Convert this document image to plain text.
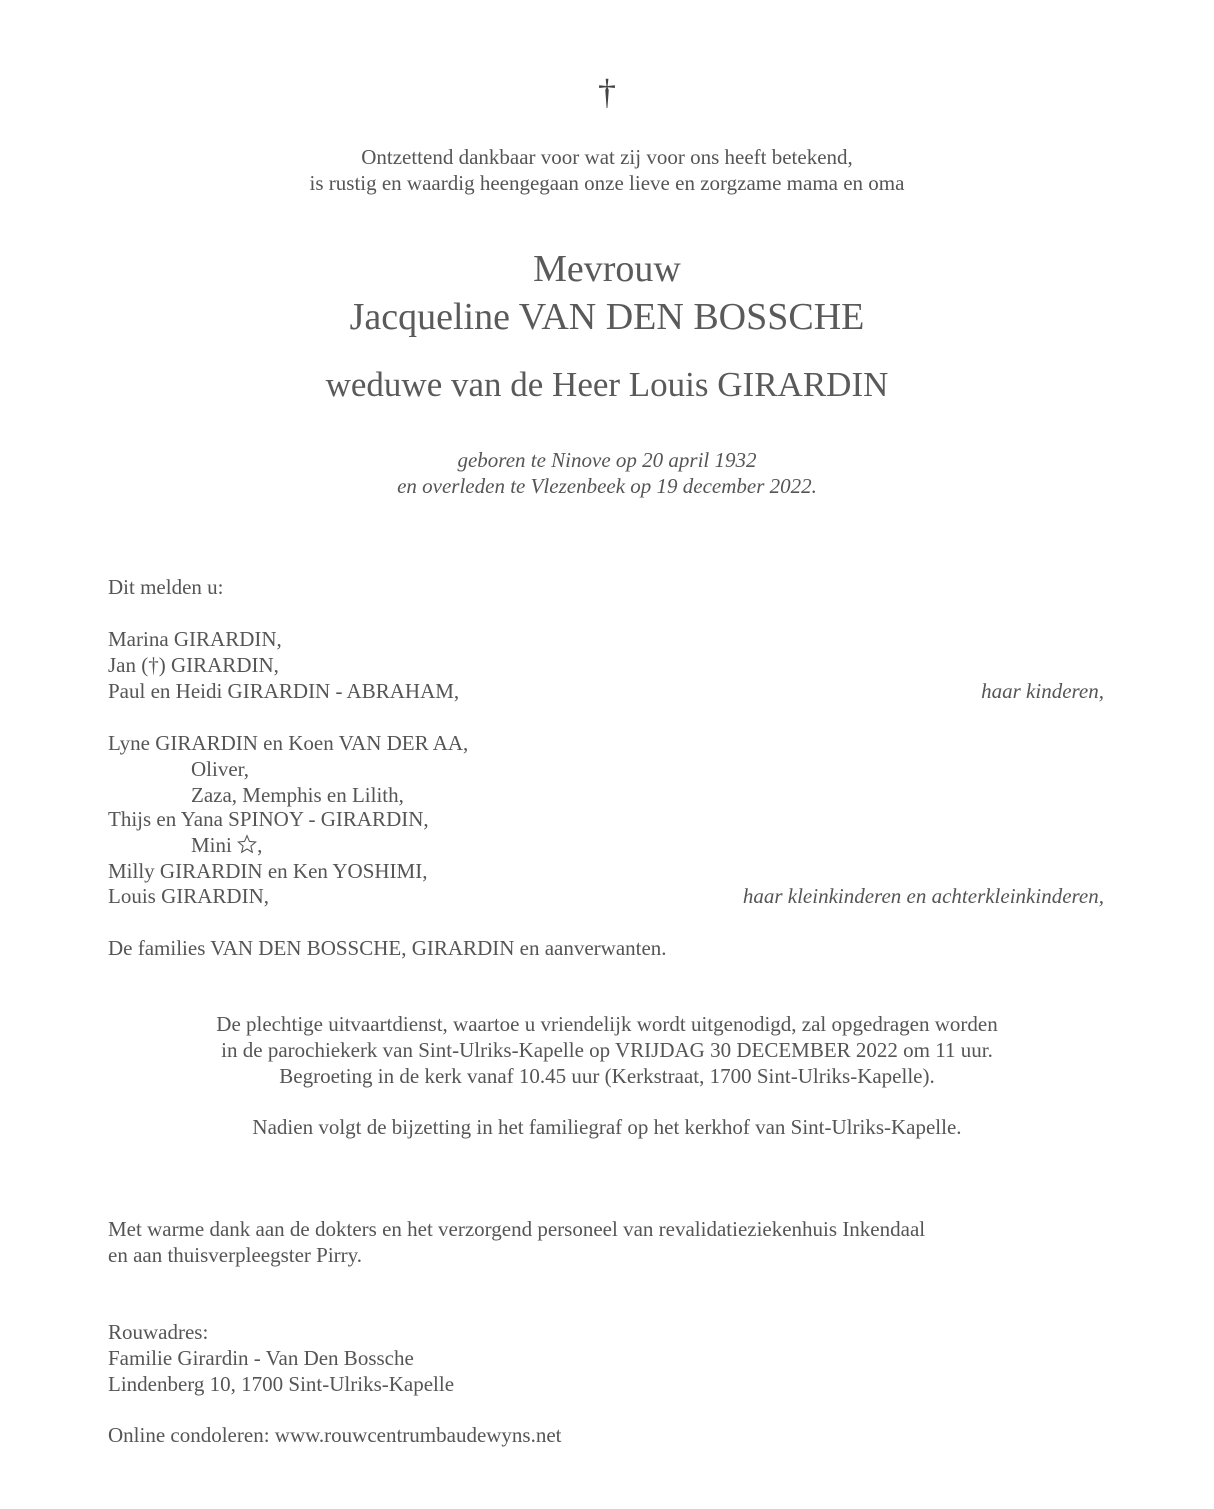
†
Ontzettend dankbaar voor wat zij voor ons heeft betekend,
is rustig en waardig heengegaan onze lieve en zorgzame mama en oma
Mevrouw
Jacqueline VAN DEN BOSSCHE
weduwe van de Heer Louis GIRARDIN
geboren te Ninove op 20 april 1932
en overleden te Vlezenbeek op 19 december 2022.
Dit melden u:
Marina GIRARDIN,
Jan (†) GIRARDIN,
Paul en Heidi GIRARDIN - ABRAHAM,	haar kinderen,
Lyne GIRARDIN en Koen VAN DER AA,
Oliver,
Zaza, Memphis en Lilith,
Thijs en Yana SPINOY - GIRARDIN,
Mini ,
Milly GIRARDIN en Ken YOSHIMI,
Louis GIRARDIN,	haar kleinkinderen en achterkleinkinderen,
De families VAN DEN BOSSCHE, GIRARDIN en aanverwanten.
De plechtige uitvaartdienst, waartoe u vriendelijk wordt uitgenodigd, zal opgedragen worden
in de parochiekerk van Sint-Ulriks-Kapelle op VRIJDAG 30 DECEMBER 2022 om 11 uur.
Begroeting in de kerk vanaf 10.45 uur (Kerkstraat, 1700 Sint-Ulriks-Kapelle).
Nadien volgt de bijzetting in het familiegraf op het kerkhof van Sint-Ulriks-Kapelle.
Met warme dank aan de dokters en het verzorgend personeel van revalidatieziekenhuis Inkendaal
en aan thuisverpleegster Pirry.
Rouwadres:
Familie Girardin - Van Den Bossche
Lindenberg 10, 1700 Sint-Ulriks-Kapelle
Online condoleren: www.rouwcentrumbaudewyns.net
